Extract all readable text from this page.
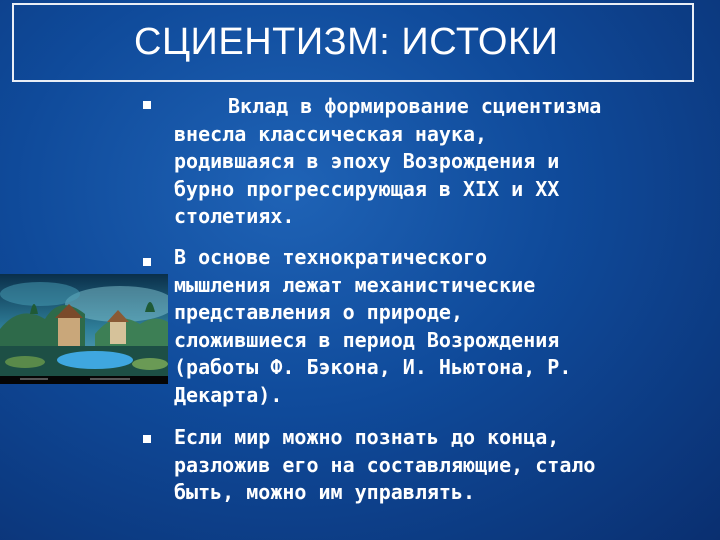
СЦИЕНТИЗМ: ИСТОКИ
Вклад в формирование сциентизма
внесла классическая наука,
родившаяся в эпоху Возрождения и
бурно прогрессирующая в XIX и XX
столетиях.
В основе технократического
мышления лежат механистические
представления о природе,
сложившиеся в период Возрождения
(работы Ф. Бэкона, И. Ньютона, Р.
Декарта).
Если мир можно познать до конца,
разложив его на составляющие, стало
быть, можно им управлять.
